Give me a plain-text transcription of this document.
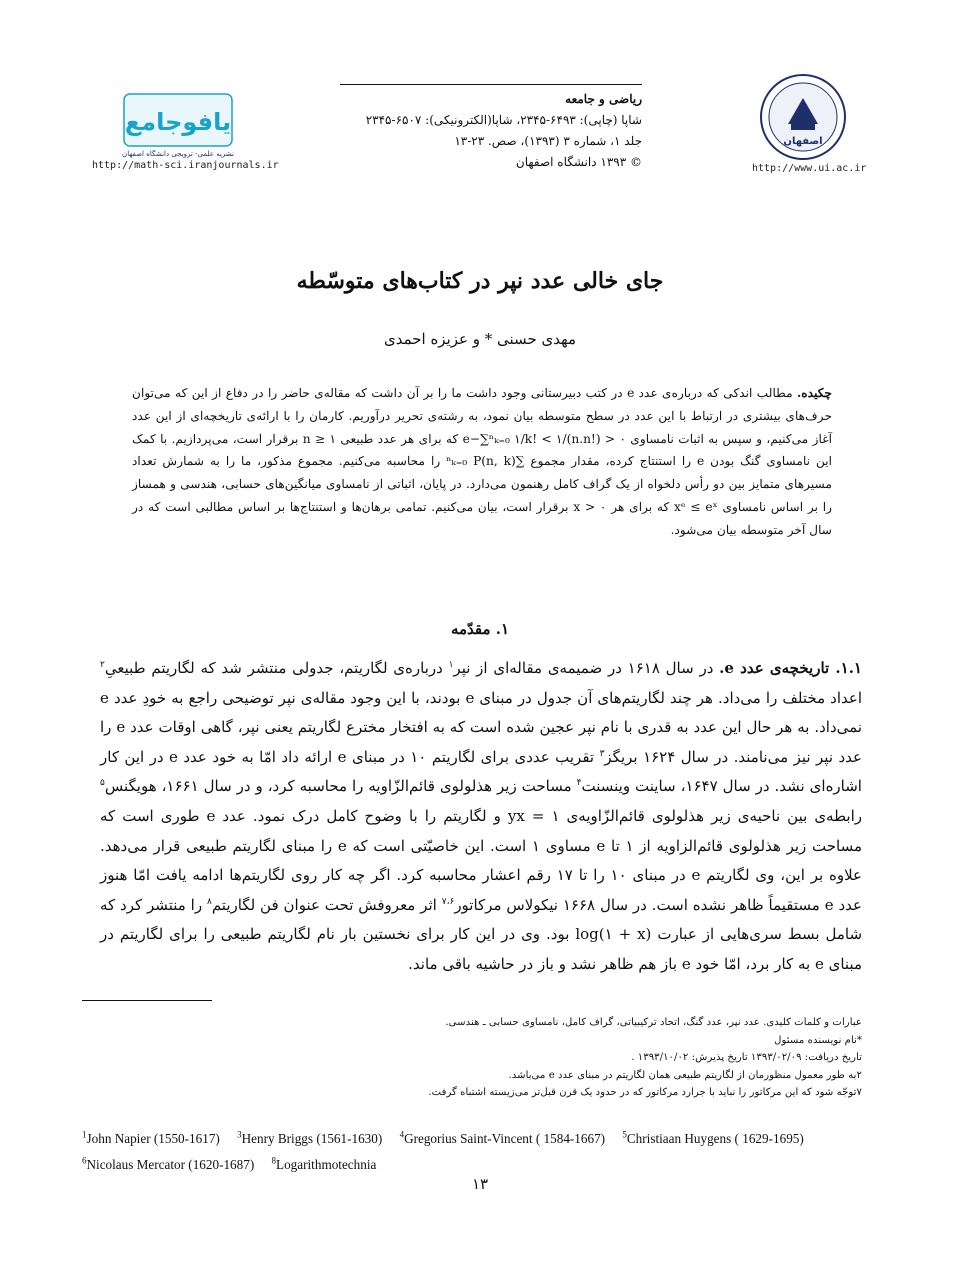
یافوجامع
نشریه علمی- ترویجی دانشگاه اصفهان
http://math-sci.iranjournals.ir
اصفهان
http://www.ui.ac.ir
ریاضی و جامعه
شاپا (چاپی): ۶۴۹۳-۲۳۴۵، شاپا(الکترونیکی): ۶۵۰۷-۲۳۴۵
جلد ۱، شماره ۳ (۱۳۹۳)، صص. ۲۳-۱۳
© ۱۳۹۳ دانشگاه اصفهان
جای خالی عدد نپر در کتاب‌های متوسّطه
مهدی حسنی * و عزیزه احمدی
چکیده. مطالب اندکی که درباره‌ی عدد e در کتب دبیرستانی وجود داشت ما را بر آن داشت که مقاله‌ی حاضر را در دفاع از این که می‌توان حرف‌های بیشتری در ارتباط با این عدد در سطح متوسطه بیان نمود، به رشته‌ی تحریر درآوریم. کارمان را با ارائه‌ی تاریخچه‌ای از این عدد آغاز می‌کنیم، و سپس به اثبات نامساوی ۰ < e−∑ⁿₖ₌₀ ۱/k! < ۱/(n.n!) که برای هر عدد طبیعی n ≥ ۱ برقرار است، می‌پردازیم. با کمک این نامساوی گنگ بودن e را استنتاج کرده، مقدار مجموع ∑ⁿₖ₌₀ P(n, k) را محاسبه می‌کنیم. مجموع مذکور، ما را به شمارش تعداد مسیرهای متمایز بین دو رأس دلخواه از یک گراف کامل رهنمون می‌دارد. در پایان، اثباتی از نامساوی میانگین‌های حسابی، هندسی و همساز را بر اساس نامساوی xᵉ ≤ eˣ که برای هر x > ۰ برقرار است، بیان می‌کنیم. تمامی برهان‌ها و استنتاج‌ها بر اساس مطالبی است که در سال آخر متوسطه بیان می‌شود.
۱. مقدّمه
۱.۱. تاریخچه‌ی عدد e. در سال ۱۶۱۸ در ضمیمه‌ی مقاله‌ای از نپر$^۱$ درباره‌ی لگاریتم، جدولی منتشر شد که لگاریتم طبیعیِ$^۲$ اعداد مختلف را می‌داد. هر چند لگاریتم‌های آن جدول در مبنای e بودند، با این وجود مقاله‌ی نپر توضیحی راجع به خودِ عدد e نمی‌داد. به هر حال این عدد به قدری با نام نپر عجین شده است که به افتخار مخترع لگاریتم یعنی نپر، گاهی اوقات عدد e را عدد نپر نیز می‌نامند. در سال ۱۶۲۴ بریگز$^۳$ تقریب عددی برای لگاریتم ۱۰ در مبنای e ارائه داد امّا به خود عدد e در این کار اشاره‌ای نشد. در سال ۱۶۴۷، ساینت وینسنت$^۴$ مساحت زیر هذلولوی قائم‌الزّاویه را محاسبه کرد، و در سال ۱۶۶۱، هویگنس$^۵$ رابطه‌ی بین ناحیه‌ی زیر هذلولوی قائم‌الزّاویه‌ی yx = ۱ و لگاریتم را با وضوح کامل درک نمود. عدد e طوری است که مساحت زیر هذلولوی قائم‌الزاویه از ۱ تا e مساوی ۱ است. این خاصیّتی است که e را مبنای لگاریتم طبیعی قرار می‌دهد. علاوه بر این، وی لگاریتم e در مبنای ۱۰ را تا ۱۷ رقم اعشار محاسبه کرد. اگر چه کار روی لگاریتم‌ها ادامه یافت امّا هنوز عدد e مستقیماً ظاهر نشده است. در سال ۱۶۶۸ نیکولاس مرکاتور$^{۷،۶}$ اثر معروفش تحت عنوان فن لگاریتم$^۸$ را منتشر کرد که شامل بسط سری‌هایی از عبارت log(۱ + x) بود. وی در این کار برای نخستین بار نام لگاریتم طبیعی را برای لگاریتم در مبنای e به کار برد، امّا خود e باز هم ظاهر نشد و باز در حاشیه باقی ماند.
عبارات و کلمات کلیدی. عدد نپر، عدد گنگ، اتحاد ترکیبیاتی، گراف کامل، نامساوی حسابی ـ هندسی.
*نام نویسنده مسئول
تاریخ دریافت: ۱۳۹۳/۰۲/۰۹ تاریخ پذیرش: ۱۳۹۳/۱۰/۰۲ .
۲به طور معمول منظورمان از لگاریتم طبیعی همان لگاریتم در مبنای عدد e می‌باشد.
۷توجّه شود که این مرکاتور را نباید با جرارد مرکاتور که در حدود یک قرن قبل‌تر می‌زیسته اشتباه گرفت.
$^1$John Napier (1550-1617) $^3$Henry Briggs (1561-1630) $^4$Gregorius Saint-Vincent ( 1584-1667) $^5$Christiaan Huygens ( 1629-1695)
$^6$Nicolaus Mercator (1620-1687) $^8$Logarithmotechnia
۱۳
